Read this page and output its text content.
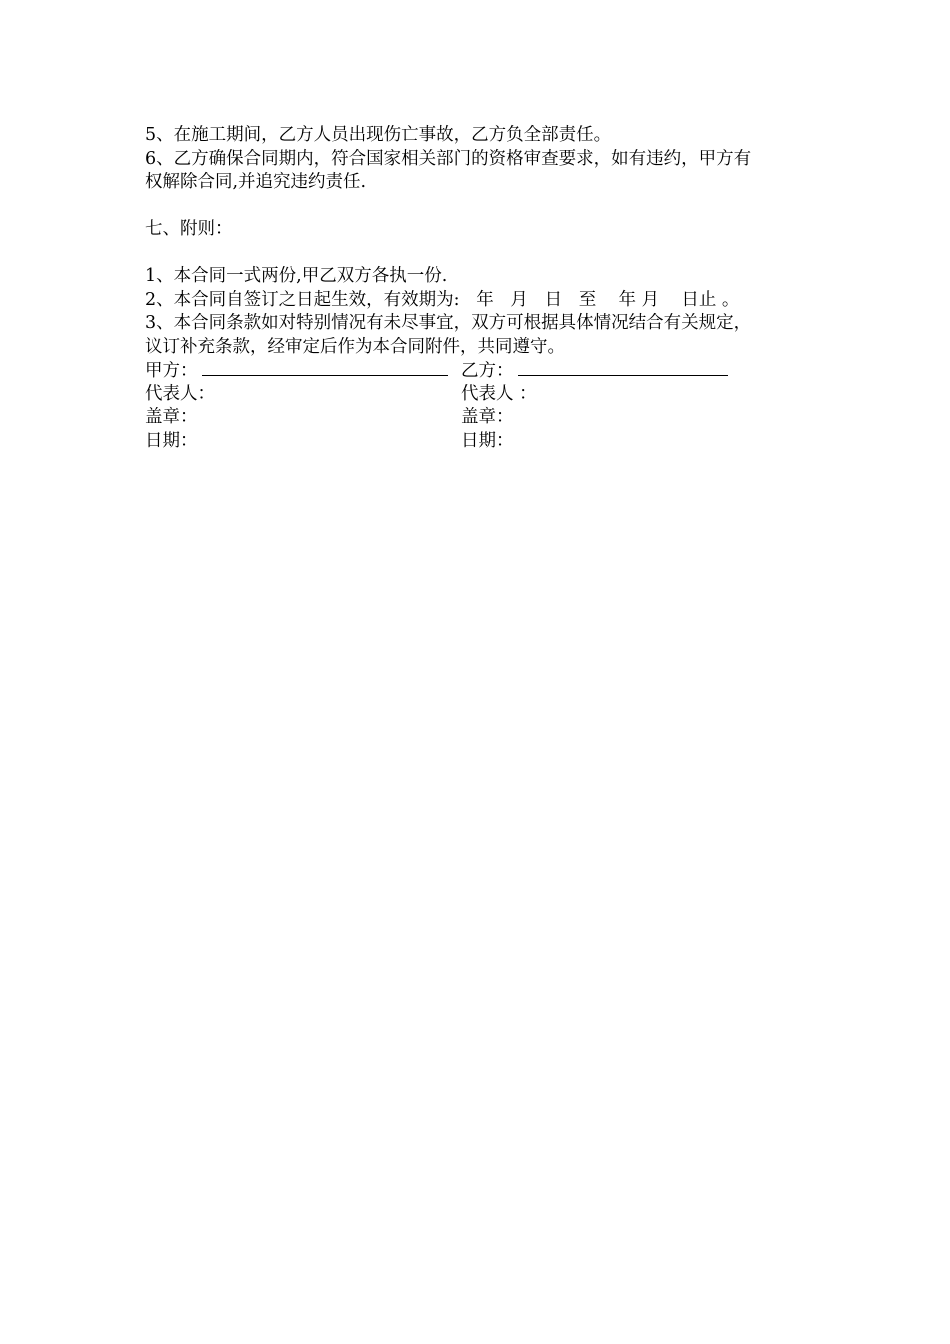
5、在施工期间，乙方人员出现伤亡事故，乙方负全部责任。
6、乙方确保合同期内，符合国家相关部门的资格审查要求，如有违约，甲方有
权解除合同,并追究违约责任.
七、附则：
1、本合同一式两份,甲乙双方各执一份.
2、本合同自签订之日起生效，有效期为:   年   月   日   至    年 月    日止 。
3、本合同条款如对特别情况有未尽事宜，双方可根据具体情况结合有关规定，
议订补充条款，经审定后作为本合同附件，共同遵守。
甲方：	乙方：
代表人：	代表人 ：
盖章：	盖章：
日期：	日期：
